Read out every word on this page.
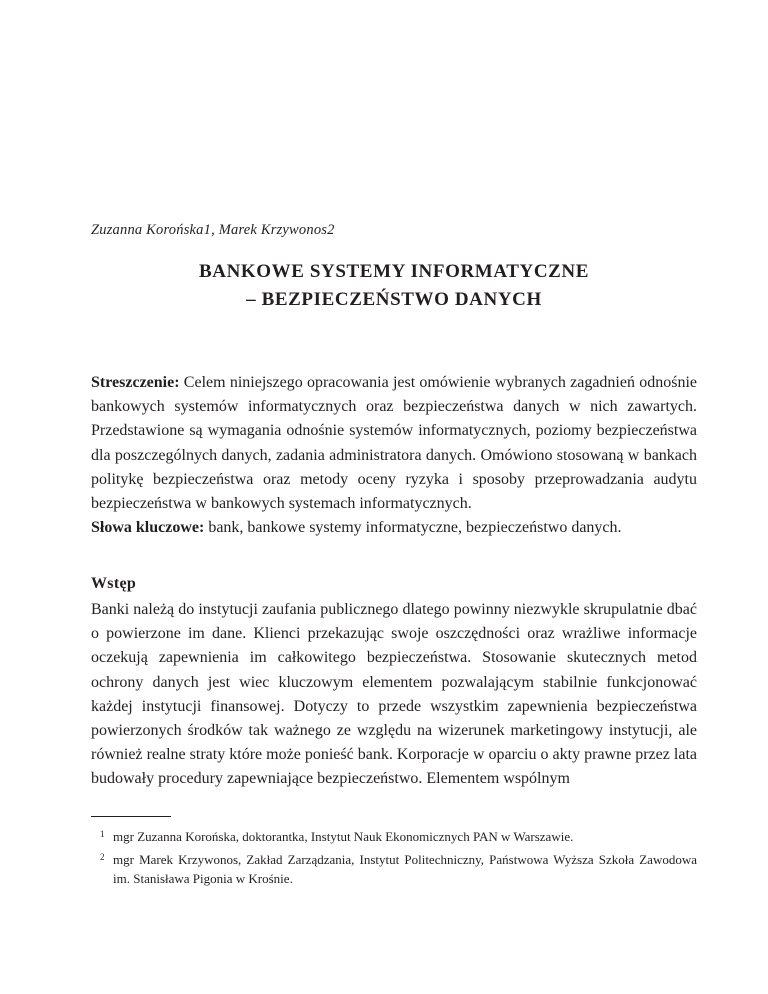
Zuzanna Korońska1, Marek Krzywonos2
BANKOWE SYSTEMY INFORMATYCZNE
– BEZPIECZEŃSTWO DANYCH

Streszczenie: Celem niniejszego opracowania jest omówienie wybranych zagadnień odnośnie bankowych systemów informatycznych oraz bezpieczeństwa danych w nich zawartych. Przedstawione są wymagania odnośnie systemów informatycznych, poziomy bezpieczeństwa dla poszczególnych danych, zadania administratora danych. Omówiono stosowaną w bankach politykę bezpieczeństwa oraz metody oceny ryzyka i sposoby przeprowadzania audytu bezpieczeństwa w bankowych systemach informatycznych.

Słowa kluczowe: bank, bankowe systemy informatyczne, bezpieczeństwo danych.

Wstęp

Banki należą do instytucji zaufania publicznego dlatego powinny niezwykle skrupulatnie dbać o powierzone im dane. Klienci przekazując swoje oszczędności oraz wrażliwe informacje oczekują zapewnienia im całkowitego bezpieczeństwa. Stosowanie skutecznych metod ochrony danych jest wiec kluczowym elementem pozwalającym stabilnie funkcjonować każdej instytucji finansowej. Dotyczy to przede wszystkim zapewnienia bezpieczeństwa powierzonych środków tak ważnego ze względu na wizerunek marketingowy instytucji, ale również realne straty które może ponieść bank. Korporacje w oparciu o akty prawne przez lata budowały procedury zapewniające bezpieczeństwo. Elementem wspólnym

1 mgr Zuzanna Korońska, doktorantka, Instytut Nauk Ekonomicznych PAN w Warszawie.
2 mgr Marek Krzywonos, Zakład Zarządzania, Instytut Politechniczny, Państwowa Wyższa Szkoła Zawodowa im. Stanisława Pigonia w Krośnie.
